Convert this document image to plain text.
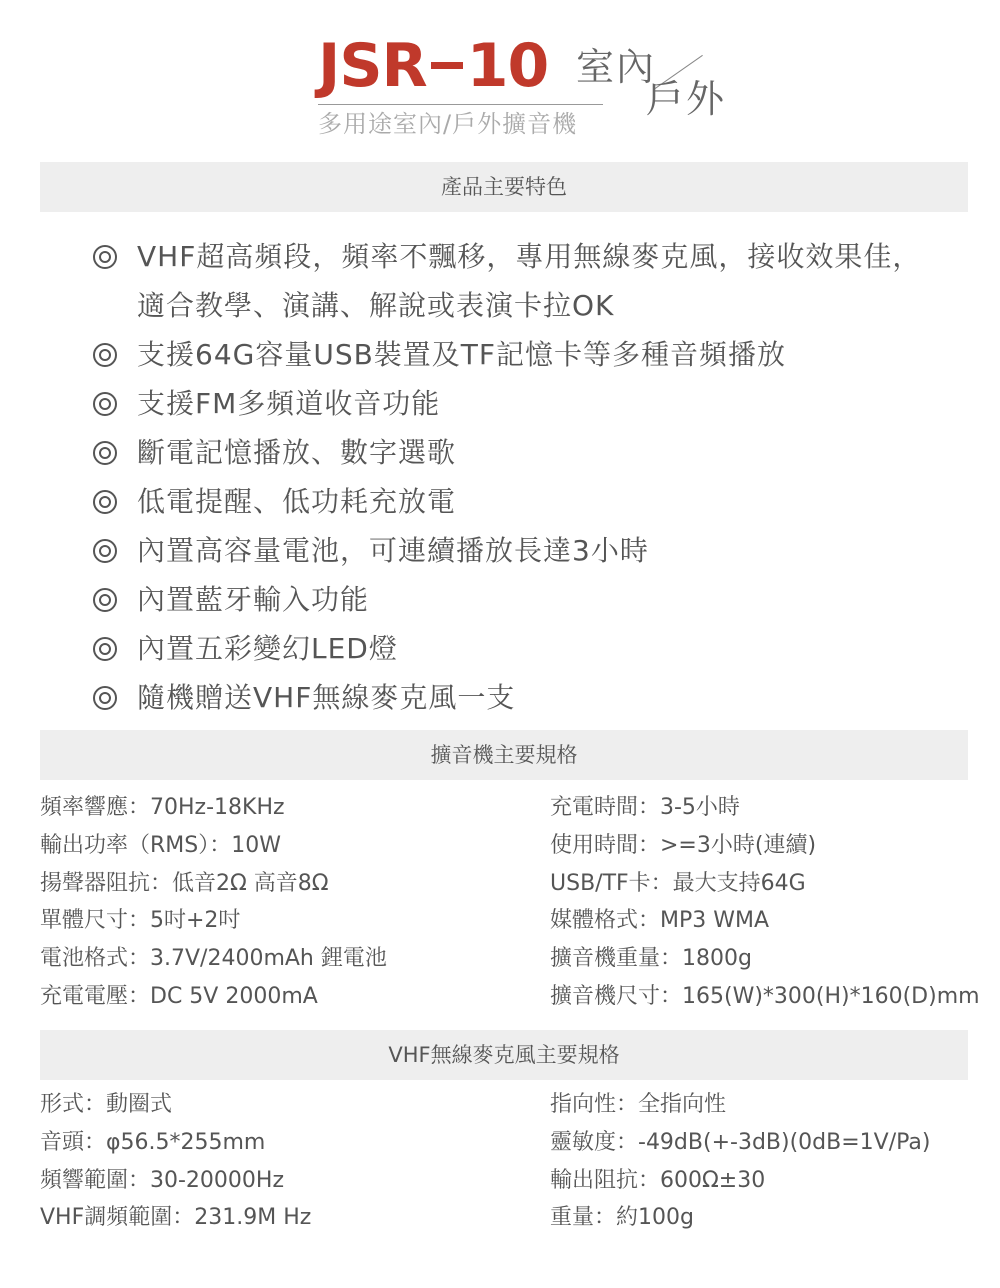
JSR 10 室內
戶外
多用途室內/戶外擴音機
產品主要特色
VHF超高頻段，頻率不飄移，專用無線麥克風，接收效果佳，
適合教學、演講、解說或表演卡拉OK
支援64G容量USB裝置及TF記憶卡等多種音頻播放
支援FM多頻道收音功能
斷電記憶播放、數字選歌
低電提醒、低功耗充放電
內置高容量電池，可連續播放長達3小時
內置藍牙輸入功能
內置五彩變幻LED燈
隨機贈送VHF無線麥克風一支
擴音機主要規格
頻率響應：70Hz-18KHz
輸出功率（RMS）：10W
揚聲器阻抗：低音2Ω 高音8Ω
單體尺寸：5吋+2吋
電池格式：3.7V/2400mAh 鋰電池
充電電壓：DC 5V 2000mA
充電時間：3-5小時
使用時間：>=3小時(連續)
USB/TF卡：最大支持64G
媒體格式：MP3 WMA
擴音機重量：1800g
擴音機尺寸：165(W)*300(H)*160(D)mm
VHF無線麥克風主要規格
形式：動圈式
音頭：φ56.5*255mm
頻響範圍：30-20000Hz
VHF調頻範圍：231.9M Hz
指向性：全指向性
靈敏度：-49dB(+-3dB)(0dB=1V/Pa)
輸出阻抗：600Ω±30
重量：約100g
